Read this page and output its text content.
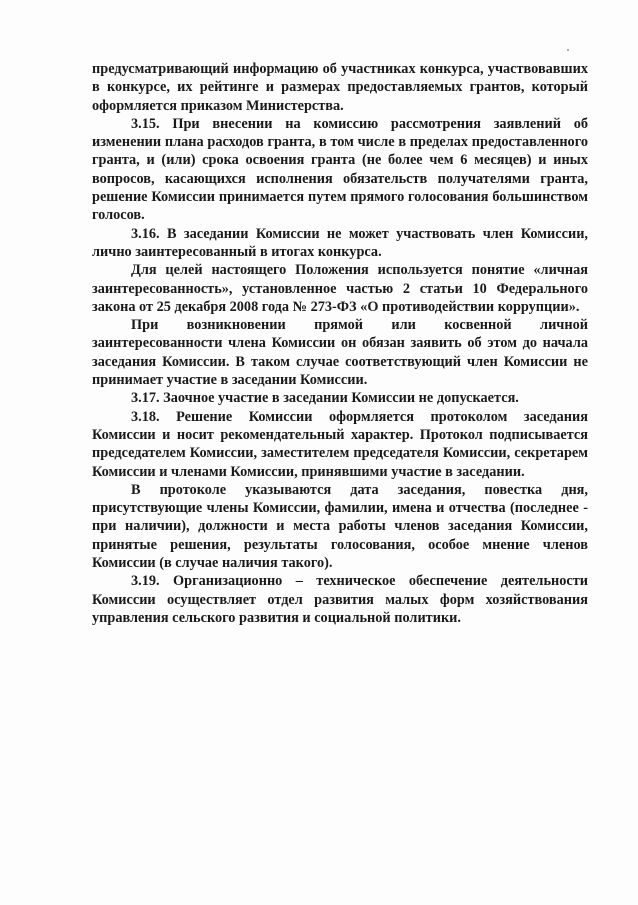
предусматривающий информацию об участниках конкурса, участвовавших в конкурсе, их рейтинге и размерах предоставляемых грантов, который оформляется приказом Министерства.

3.15. При внесении на комиссию рассмотрения заявлений об изменении плана расходов гранта, в том числе в пределах предоставленного гранта, и (или) срока освоения гранта (не более чем 6 месяцев) и иных вопросов, касающихся исполнения обязательств получателями гранта, решение Комиссии принимается путем прямого голосования большинством голосов.

3.16. В заседании Комиссии не может участвовать член Комиссии, лично заинтересованный в итогах конкурса.

Для целей настоящего Положения используется понятие «личная заинтересованность», установленное частью 2 статьи 10 Федерального закона от 25 декабря 2008 года № 273-ФЗ «О противодействии коррупции».

При возникновении прямой или косвенной личной заинтересованности члена Комиссии он обязан заявить об этом до начала заседания Комиссии. В таком случае соответствующий член Комиссии не принимает участие в заседании Комиссии.

3.17. Заочное участие в заседании Комиссии не допускается.

3.18. Решение Комиссии оформляется протоколом заседания Комиссии и носит рекомендательный характер. Протокол подписывается председателем Комиссии, заместителем председателя Комиссии, секретарем Комиссии и членами Комиссии, принявшими участие в заседании.

В протоколе указываются дата заседания, повестка дня, присутствующие члены Комиссии, фамилии, имена и отчества (последнее - при наличии), должности и места работы членов заседания Комиссии, принятые решения, результаты голосования, особое мнение членов Комиссии (в случае наличия такого).

3.19. Организационно – техническое обеспечение деятельности Комиссии осуществляет отдел развития малых форм хозяйствования управления сельского развития и социальной политики.
